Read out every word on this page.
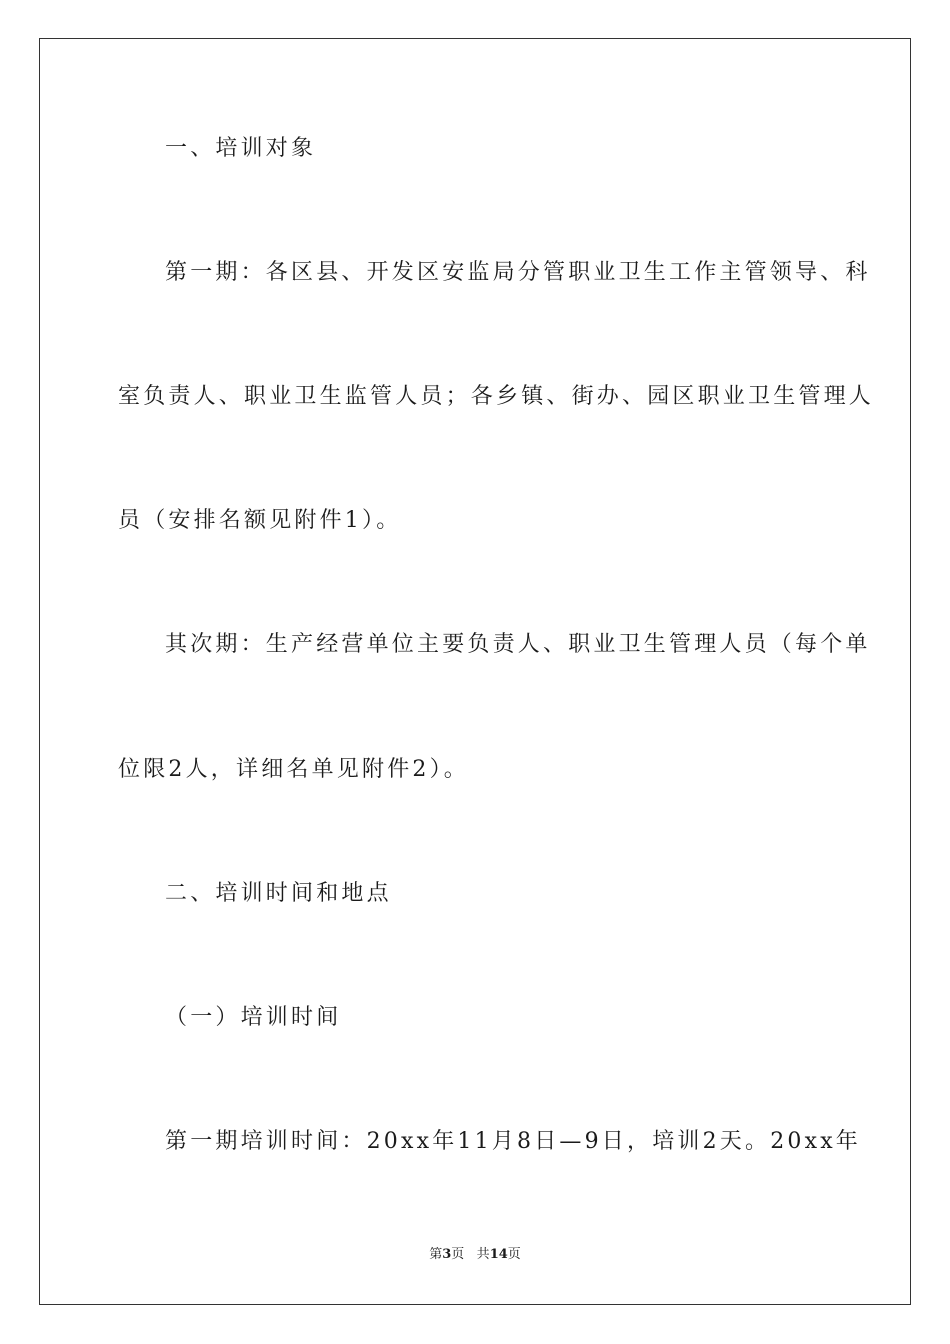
一、培训对象
第一期：各区县、开发区安监局分管职业卫生工作主管领导、科
室负责人、职业卫生监管人员；各乡镇、街办、园区职业卫生管理人
员（安排名额见附件1）。
其次期：生产经营单位主要负责人、职业卫生管理人员（每个单
位限2人，详细名单见附件2）。
二、培训时间和地点
（一）培训时间
第一期培训时间：20xx年11月8日—9日，培训2天。20xx年
第3页 共14页
